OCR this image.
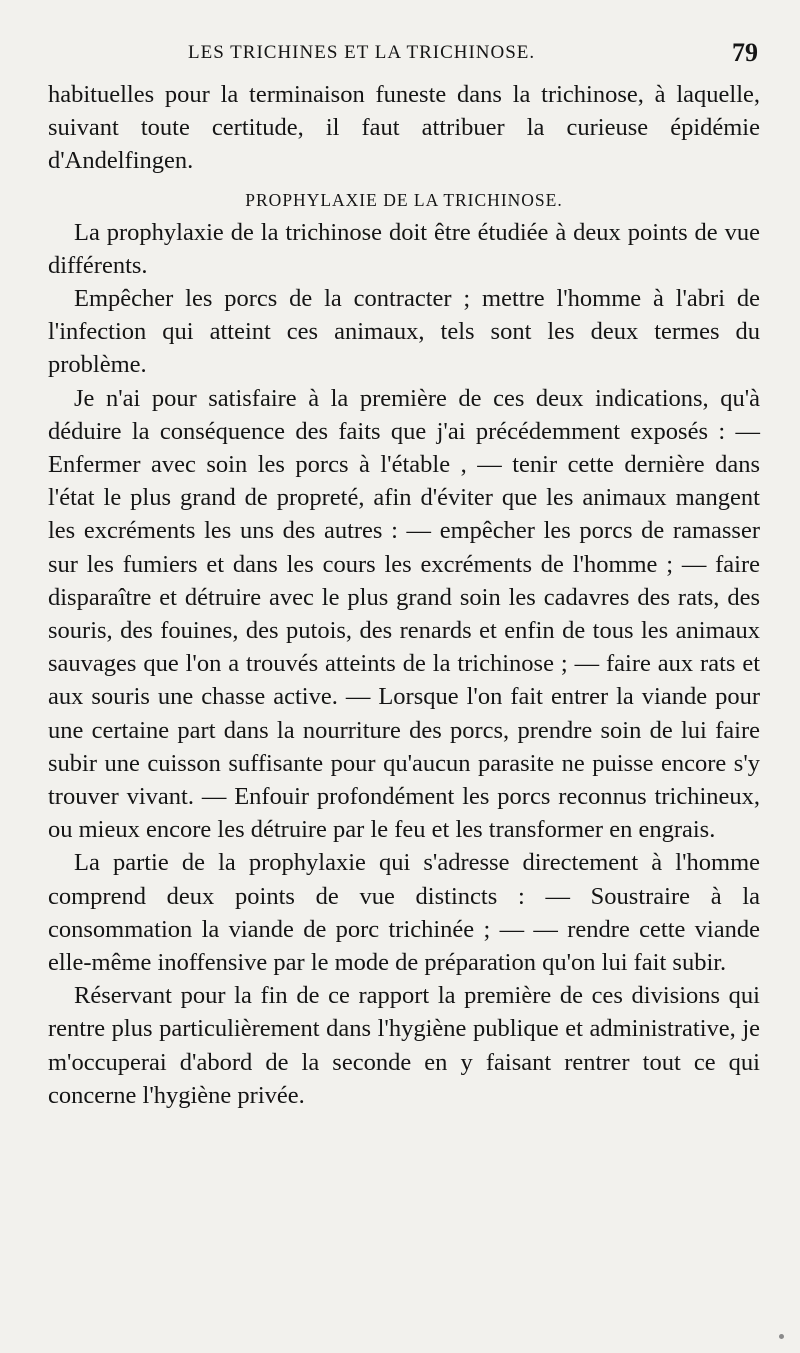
LES TRICHINES ET LA TRICHINOSE.	79

habituelles pour la terminaison funeste dans la trichinose, à laquelle, suivant toute certitude, il faut attribuer la curieuse épidémie d'Andelfingen.

PROPHYLAXIE DE LA TRICHINOSE.

La prophylaxie de la trichinose doit être étudiée à deux points de vue différents.

Empêcher les porcs de la contracter ; mettre l'homme à l'abri de l'infection qui atteint ces animaux, tels sont les deux termes du problème.

Je n'ai pour satisfaire à la première de ces deux indications, qu'à déduire la conséquence des faits que j'ai précédemment exposés : — Enfermer avec soin les porcs à l'étable , — tenir cette dernière dans l'état le plus grand de propreté, afin d'éviter que les animaux mangent les excréments les uns des autres : — empêcher les porcs de ramasser sur les fumiers et dans les cours les excréments de l'homme ; — faire disparaître et détruire avec le plus grand soin les cadavres des rats, des souris, des fouines, des putois, des renards et enfin de tous les animaux sauvages que l'on a trouvés atteints de la trichinose ; — faire aux rats et aux souris une chasse active. — Lorsque l'on fait entrer la viande pour une certaine part dans la nourriture des porcs, prendre soin de lui faire subir une cuisson suffisante pour qu'aucun parasite ne puisse encore s'y trouver vivant. — Enfouir profondément les porcs reconnus trichineux, ou mieux encore les détruire par le feu et les transformer en engrais.

La partie de la prophylaxie qui s'adresse directement à l'homme comprend deux points de vue distincts : — Soustraire à la consommation la viande de porc trichinée ; — — rendre cette viande elle-même inoffensive par le mode de préparation qu'on lui fait subir.

Réservant pour la fin de ce rapport la première de ces divisions qui rentre plus particulièrement dans l'hygiène publique et administrative, je m'occuperai d'abord de la seconde en y faisant rentrer tout ce qui concerne l'hygiène privée.
